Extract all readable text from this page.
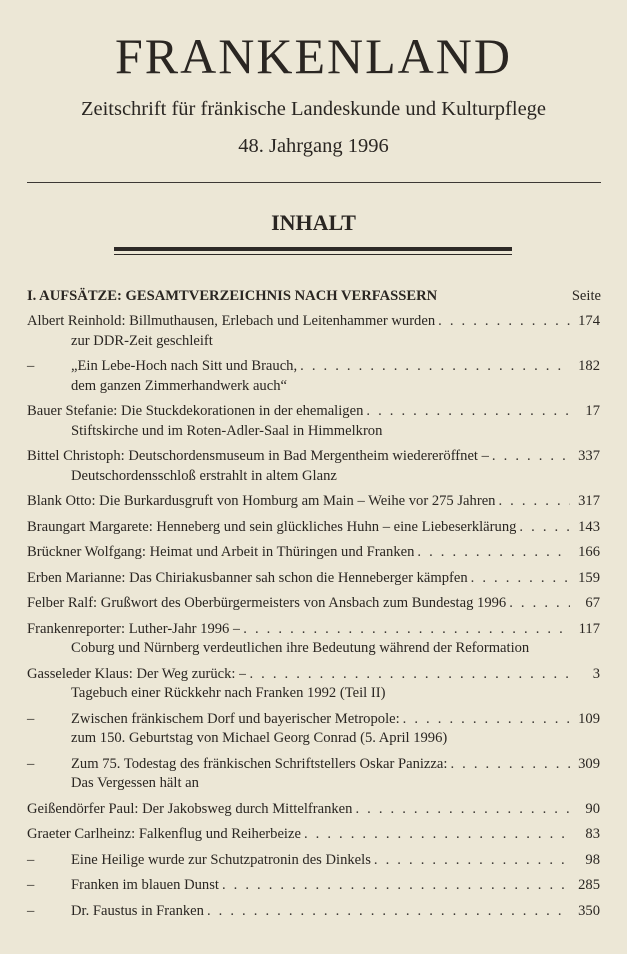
FRANKENLAND
Zeitschrift für fränkische Landeskunde und Kulturpflege
48. Jahrgang 1996
INHALT
I. AUFSÄTZE: GESAMTVERZEICHNIS NACH VERFASSERN	Seite
Albert Reinhold:
Billmuthausen, Erlebach und Leitenhammer wurden . . .	174
zur DDR-Zeit geschleift
–	„Ein Lebe-Hoch nach Sitt und Brauch, . . .	182
dem ganzen Zimmerhandwerk auch“
Bauer Stefanie:
Die Stuckdekorationen in der ehemaligen . . .	17
Stiftskirche und im Roten-Adler-Saal in Himmelkron
Bittel Christoph:
Deutschordensmuseum in Bad Mergentheim wiedereröffnet – . . .	337
Deutschordensschloß erstrahlt in altem Glanz
Blank Otto:
Die Burkardusgruft von Homburg am Main – Weihe vor 275 Jahren . . .	317
Braungart Margarete:
Henneberg und sein glückliches Huhn – eine Liebeserklärung . . .	143
Brückner Wolfgang:
Heimat und Arbeit in Thüringen und Franken . . .	166
Erben Marianne:
Das Chiriakusbanner sah schon die Henneberger kämpfen . . .	159
Felber Ralf:
Grußwort des Oberbürgermeisters von Ansbach zum Bundestag 1996 . . .	67
Frankenreporter:
Luther-Jahr 1996 – . . .	117
Coburg und Nürnberg verdeutlichen ihre Bedeutung während der Reformation
Gasseleder Klaus:
Der Weg zurück: – . . .	3
Tagebuch einer Rückkehr nach Franken 1992 (Teil II)
–	Zwischen fränkischem Dorf und bayerischer Metropole: . . .	109
zum 150. Geburtstag von Michael Georg Conrad (5. April 1996)
–	Zum 75. Todestag des fränkischen Schriftstellers Oskar Panizza: . . .	309
Das Vergessen hält an
Geißendörfer Paul:
Der Jakobsweg durch Mittelfranken . . .	90
Graeter Carlheinz:
Falkenflug und Reiherbeize . . .	83
–	Eine Heilige wurde zur Schutzpatronin des Dinkels . . .	98
–	Franken im blauen Dunst . . .	285
–	Dr. Faustus in Franken . . .	350
